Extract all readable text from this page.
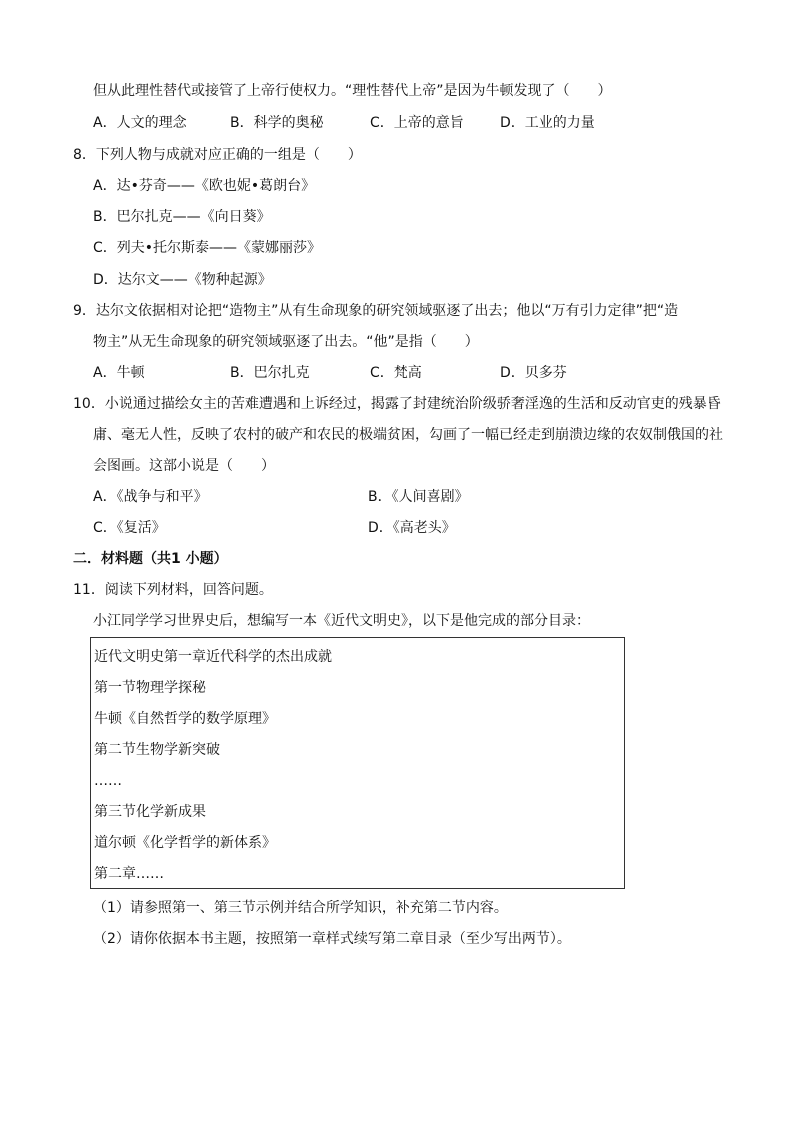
但从此理性替代或接管了上帝行使权力。“理性替代上帝”是因为牛顿发现了（　　）
A．人文的理念	B．科学的奥秘	C．上帝的意旨	D．工业的力量
8．下列人物与成就对应正确的一组是（　　）
A．达•芬奇——《欧也妮•葛朗台》
B．巴尔扎克——《向日葵》
C．列夫•托尔斯泰——《蒙娜丽莎》
D．达尔文——《物种起源》
9．达尔文依据相对论把“造物主”从有生命现象的研究领域驱逐了出去；他以“万有引力定律”把“造
物主”从无生命现象的研究领域驱逐了出去。“他”是指（　　）
A．牛顿	B．巴尔扎克	C．梵高	D．贝多芬
10．小说通过描绘女主的苦难遭遇和上诉经过，揭露了封建统治阶级骄奢淫逸的生活和反动官吏的残暴昏
庸、毫无人性，反映了农村的破产和农民的极端贫困，勾画了一幅已经走到崩溃边缘的农奴制俄国的社
会图画。这部小说是（　　）
A．《战争与和平》	B．《人间喜剧》
C．《复活》	D．《高老头》
二．材料题（共1 小题）
11．阅读下列材料，回答问题。
小江同学学习世界史后，想编写一本《近代文明史》，以下是他完成的部分目录：
近代文明史第一章近代科学的杰出成就
第一节物理学探秘
牛顿《自然哲学的数学原理》
第二节生物学新突破
……
第三节化学新成果
道尔顿《化学哲学的新体系》
第二章……
（1）请参照第一、第三节示例并结合所学知识，补充第二节内容。
（2）请你依据本书主题，按照第一章样式续写第二章目录（至少写出两节）。
